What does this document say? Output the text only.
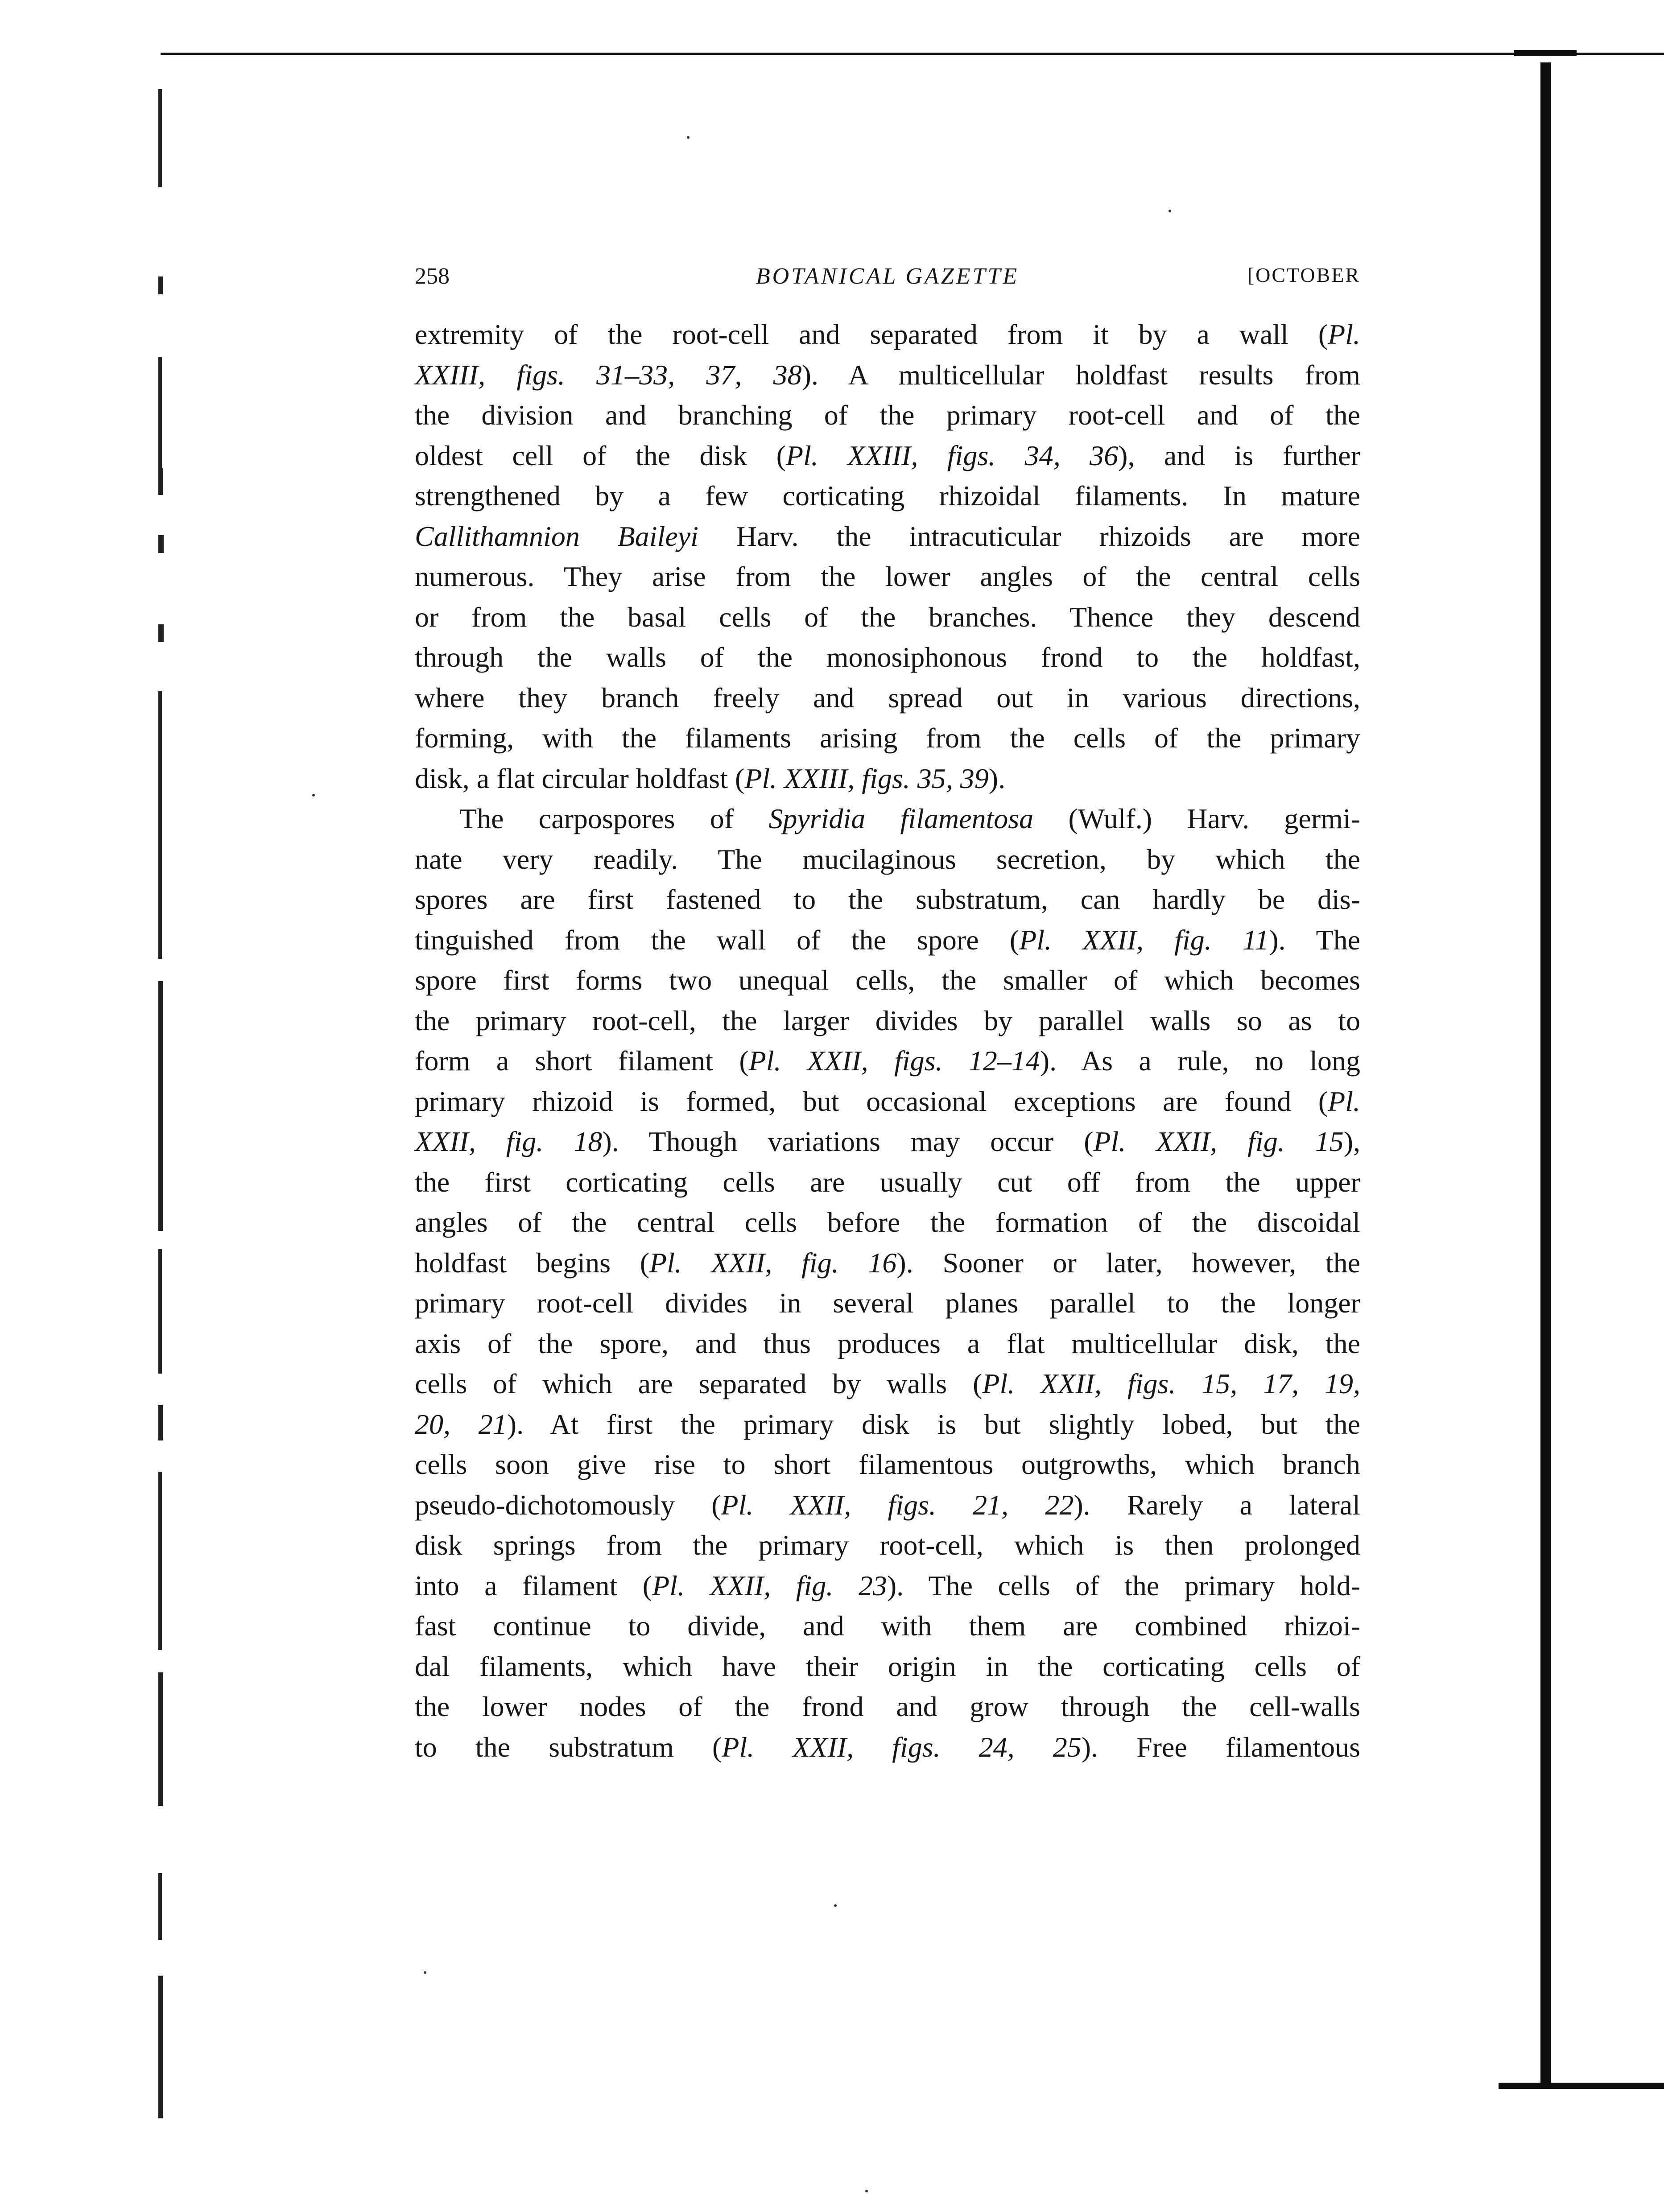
258	BOTANICAL GAZETTE	[OCTOBER
extremity of the root-cell and separated from it by a wall (Pl.
XXIII, figs. 31–33, 37, 38). A multicellular holdfast results from
the division and branching of the primary root-cell and of the
oldest cell of the disk (Pl. XXIII, figs. 34, 36), and is further
strengthened by a few corticating rhizoidal filaments. In mature
Callithamnion Baileyi Harv. the intracuticular rhizoids are more
numerous. They arise from the lower angles of the central cells
or from the basal cells of the branches. Thence they descend
through the walls of the monosiphonous frond to the holdfast,
where they branch freely and spread out in various directions,
forming, with the filaments arising from the cells of the primary
disk, a flat circular holdfast (Pl. XXIII, figs. 35, 39).
The carpospores of Spyridia filamentosa (Wulf.) Harv. germi-
nate very readily. The mucilaginous secretion, by which the
spores are first fastened to the substratum, can hardly be dis-
tinguished from the wall of the spore (Pl. XXII, fig. 11). The
spore first forms two unequal cells, the smaller of which becomes
the primary root-cell, the larger divides by parallel walls so as to
form a short filament (Pl. XXII, figs. 12–14). As a rule, no long
primary rhizoid is formed, but occasional exceptions are found (Pl.
XXII, fig. 18). Though variations may occur (Pl. XXII, fig. 15),
the first corticating cells are usually cut off from the upper
angles of the central cells before the formation of the discoidal
holdfast begins (Pl. XXII, fig. 16). Sooner or later, however, the
primary root-cell divides in several planes parallel to the longer
axis of the spore, and thus produces a flat multicellular disk, the
cells of which are separated by walls (Pl. XXII, figs. 15, 17, 19,
20, 21). At first the primary disk is but slightly lobed, but the
cells soon give rise to short filamentous outgrowths, which branch
pseudo-dichotomously (Pl. XXII, figs. 21, 22). Rarely a lateral
disk springs from the primary root-cell, which is then prolonged
into a filament (Pl. XXII, fig. 23). The cells of the primary hold-
fast continue to divide, and with them are combined rhizoi-
dal filaments, which have their origin in the corticating cells of
the lower nodes of the frond and grow through the cell-walls
to the substratum (Pl. XXII, figs. 24, 25). Free filamentous
